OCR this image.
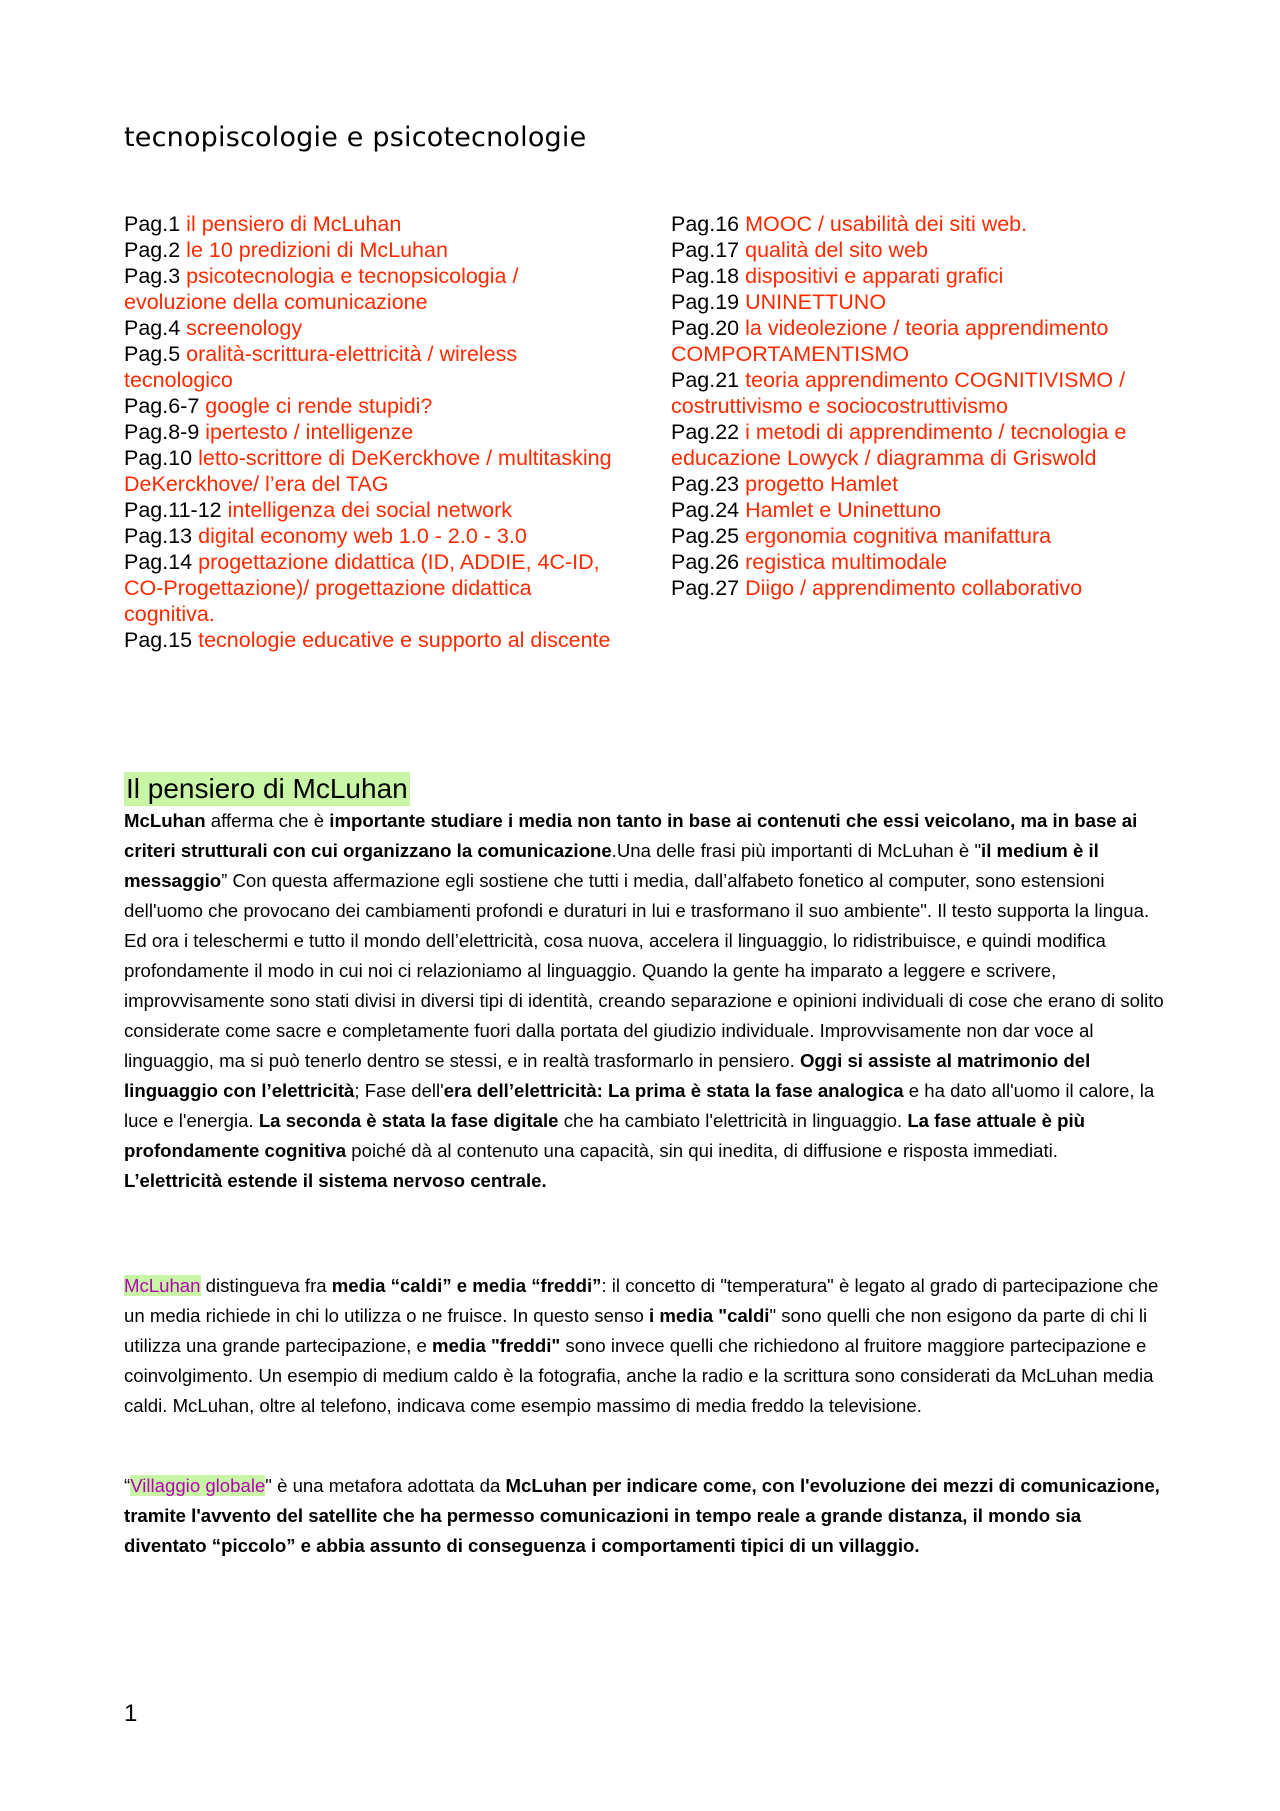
tecnopiscologie e psicotecnologie
Pag.1 il pensiero di McLuhan
Pag.2 le 10 predizioni di McLuhan
Pag.3 psicotecnologia e tecnopsicologia / evoluzione della comunicazione
Pag.4 screenology
Pag.5 oralità-scrittura-elettricità / wireless tecnologico
Pag.6-7 google ci rende stupidi?
Pag.8-9 ipertesto / intelligenze
Pag.10 letto-scrittore di DeKerckhove / multitasking DeKerckhove/ l’era del TAG
Pag.11-12 intelligenza dei social network
Pag.13 digital economy web 1.0 - 2.0 - 3.0
Pag.14 progettazione didattica (ID, ADDIE, 4C-ID, CO-Progettazione)/ progettazione didattica cognitiva.
Pag.15 tecnologie educative e supporto al discente
Pag.16 MOOC / usabilità dei siti web.
Pag.17 qualità del sito web
Pag.18 dispositivi e apparati grafici
Pag.19 UNINETTUNO
Pag.20 la videolezione / teoria apprendimento COMPORTAMENTISMO
Pag.21 teoria apprendimento COGNITIVISMO / costruttivismo e sociocostruttivismo
Pag.22 i metodi di apprendimento / tecnologia e educazione Lowyck / diagramma di Griswold
Pag.23 progetto Hamlet
Pag.24 Hamlet e Uninettuno
Pag.25 ergonomia cognitiva manifattura
Pag.26 registica multimodale
Pag.27 Diigo / apprendimento collaborativo
Il pensiero di McLuhan

McLuhan afferma che è importante studiare i media non tanto in base ai contenuti che essi veicolano, ma in base ai criteri strutturali con cui organizzano la comunicazione.Una delle frasi più importanti di McLuhan è "il medium è il messaggio” Con questa affermazione egli sostiene che tutti i media, dall’alfabeto fonetico al computer, sono estensioni dell'uomo che provocano dei cambiamenti profondi e duraturi in lui e trasformano il suo ambiente". Il testo supporta la lingua. Ed ora i teleschermi e tutto il mondo dell’elettricità, cosa nuova, accelera il linguaggio, lo ridistribuisce, e quindi modifica profondamente il modo in cui noi ci relazioniamo al linguaggio. Quando la gente ha imparato a leggere e scrivere, improvvisamente sono stati divisi in diversi tipi di identità, creando separazione e opinioni individuali di cose che erano di solito considerate come sacre e completamente fuori dalla portata del giudizio individuale. Improvvisamente non dar voce al linguaggio, ma si può tenerlo dentro se stessi, e in realtà trasformarlo in pensiero. Oggi si assiste al matrimonio del linguaggio con l’elettricità; Fase dell'era dell’elettricità: La prima è stata la fase analogica e ha dato all'uomo il calore, la luce e l'energia. La seconda è stata la fase digitale che ha cambiato l'elettricità in linguaggio. La fase attuale è più profondamente cognitiva poiché dà al contenuto una capacità, sin qui inedita, di diffusione e risposta immediati.
L’elettricità estende il sistema nervoso centrale.

McLuhan distingueva fra media “caldi” e media “freddi”: il concetto di "temperatura" è legato al grado di partecipazione che un media richiede in chi lo utilizza o ne fruisce. In questo senso i media "caldi" sono quelli che non esigono da parte di chi li utilizza una grande partecipazione, e media "freddi" sono invece quelli che richiedono al fruitore maggiore partecipazione e coinvolgimento. Un esempio di medium caldo è la fotografia, anche la radio e la scrittura sono considerati da McLuhan media caldi. McLuhan, oltre al telefono, indicava come esempio massimo di media freddo la televisione.

“Villaggio globale" è una metafora adottata da McLuhan per indicare come, con l'evoluzione dei mezzi di comunicazione, tramite l'avvento del satellite che ha permesso comunicazioni in tempo reale a grande distanza, il mondo sia diventato “piccolo” e abbia assunto di conseguenza i comportamenti tipici di un villaggio.

1
